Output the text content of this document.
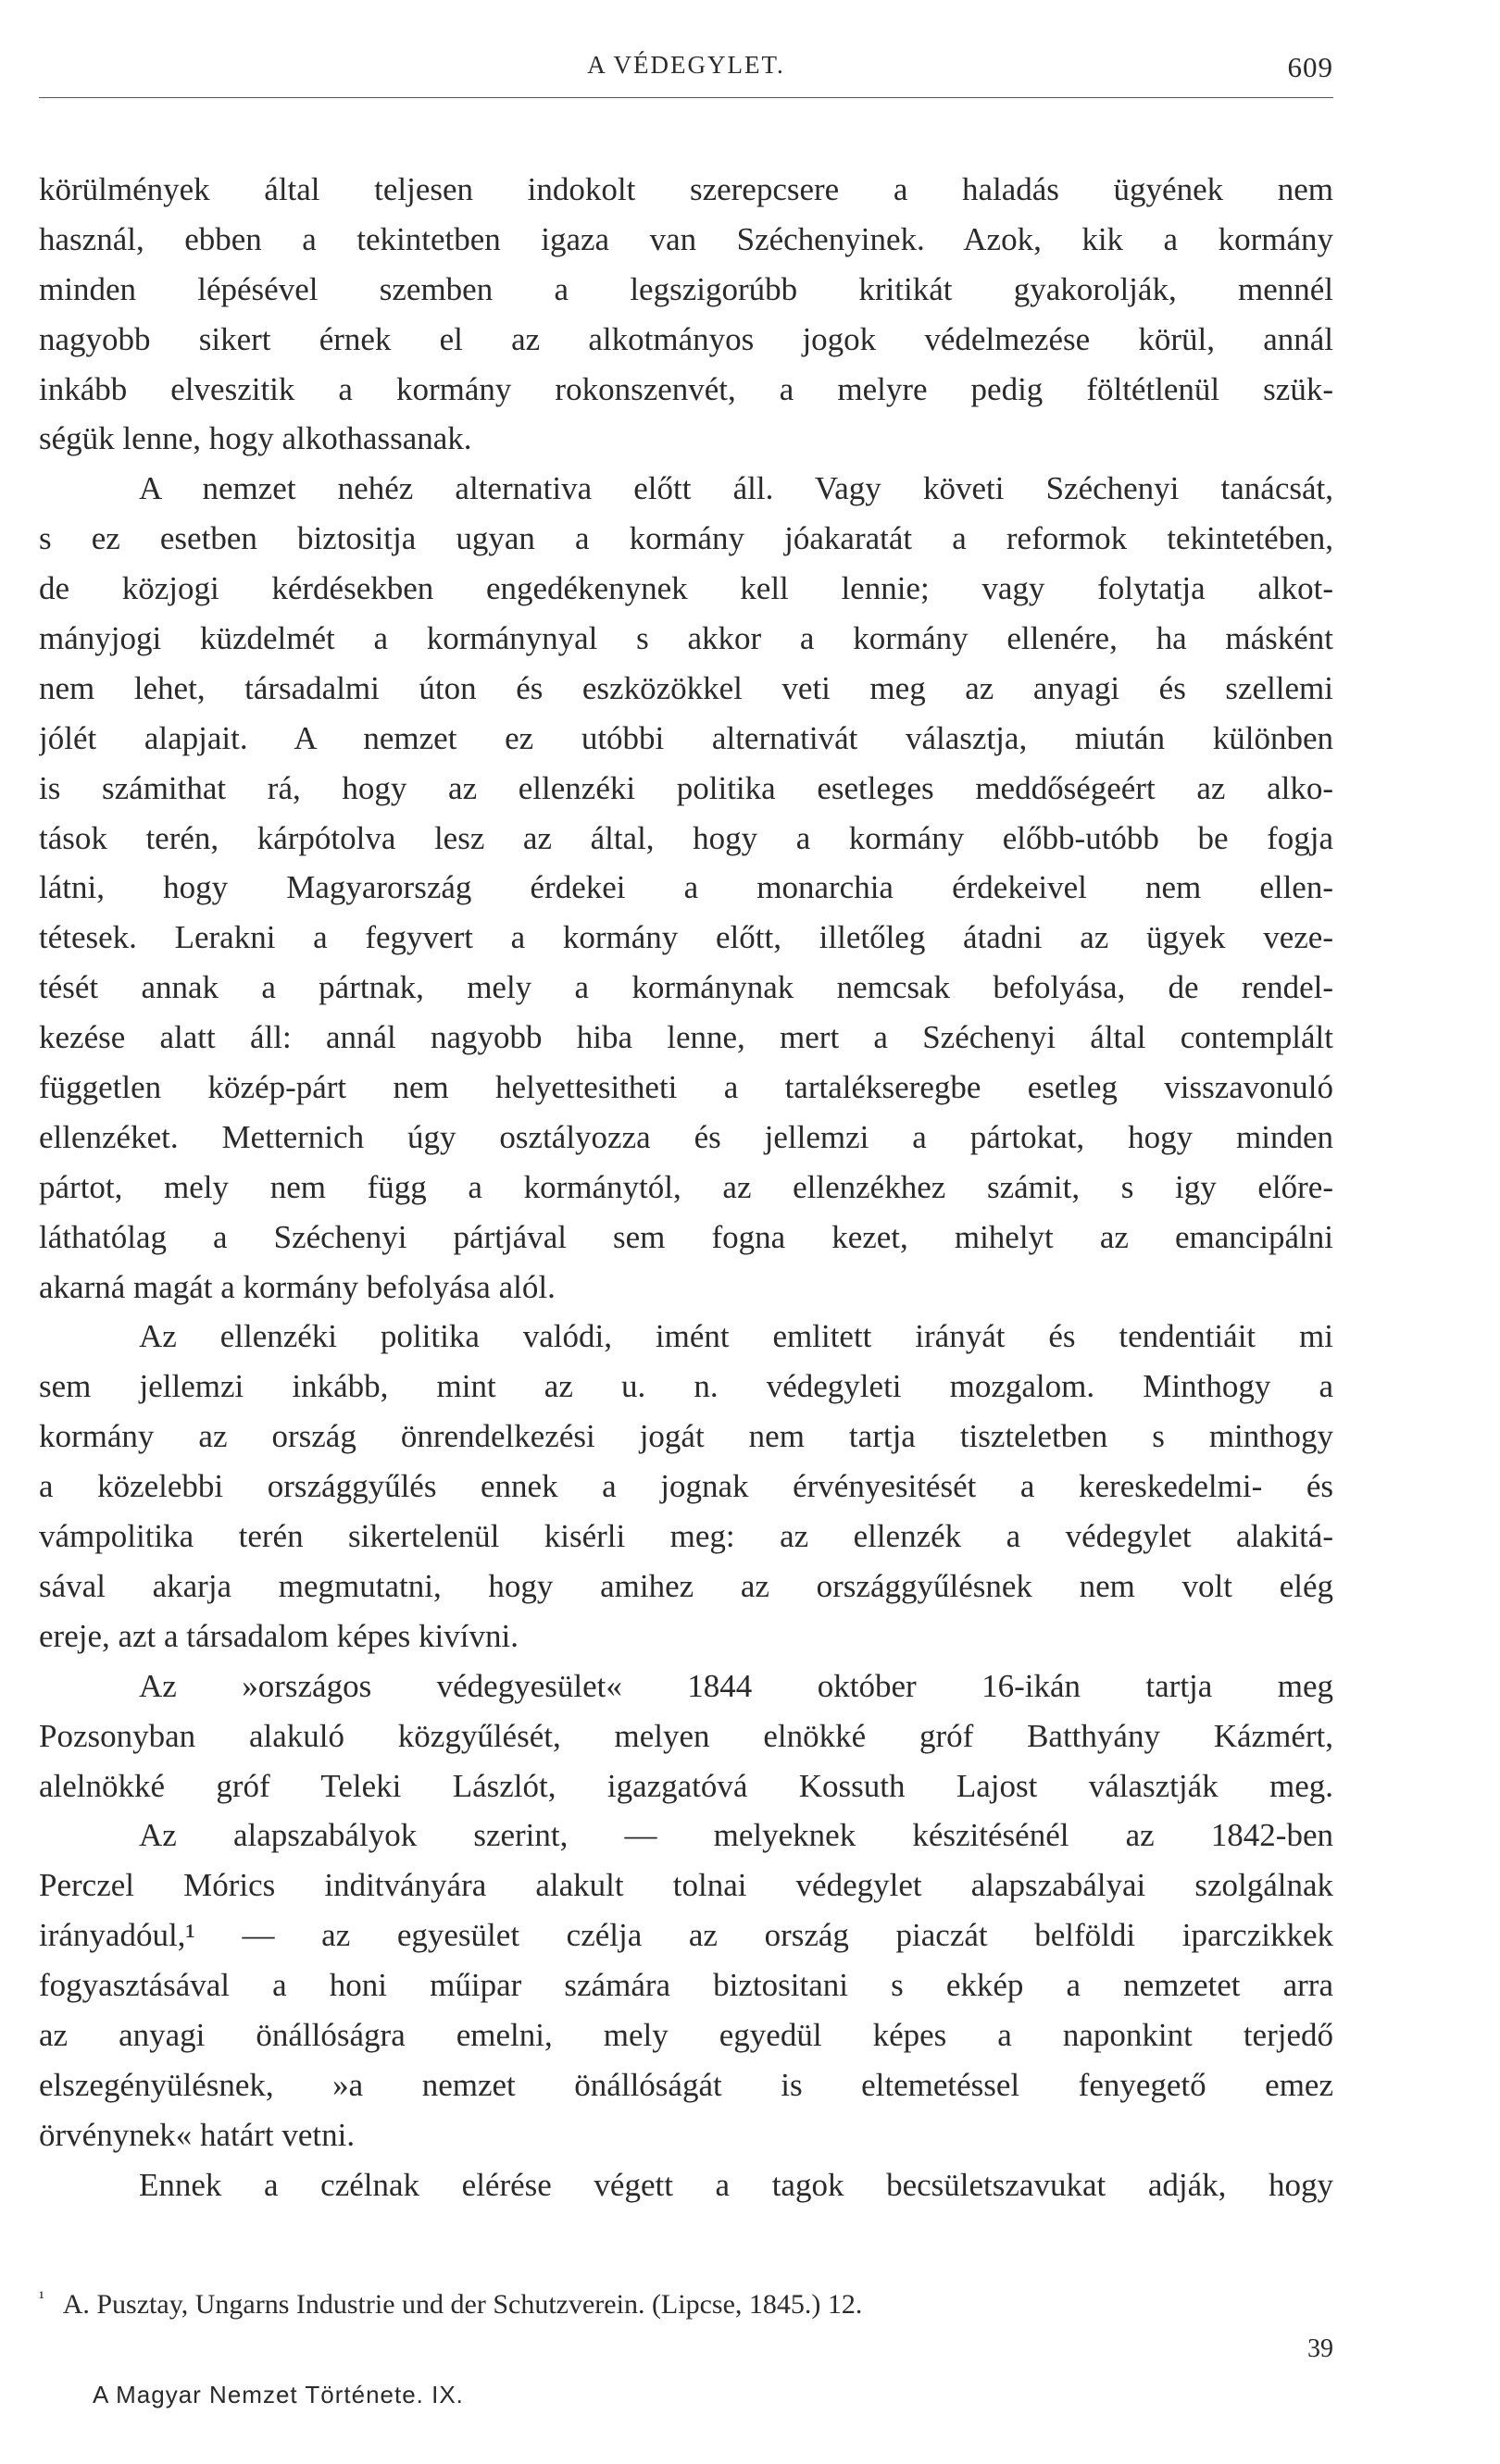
A VÉDEGYLET.	609
körülmények által teljesen indokolt szerepcsere a haladás ügyének nem
használ, ebben a tekintetben igaza van Széchenyinek. Azok, kik a kormány
minden lépésével szemben a legszigorúbb kritikát gyakorolják, mennél
nagyobb sikert érnek el az alkotmányos jogok védelmezése körül, annál
inkább elveszitik a kormány rokonszenvét, a melyre pedig föltétlenül szük-
ségük lenne, hogy alkothassanak.
A nemzet nehéz alternativa előtt áll. Vagy követi Széchenyi tanácsát,
s ez esetben biztositja ugyan a kormány jóakaratát a reformok tekintetében,
de közjogi kérdésekben engedékenynek kell lennie; vagy folytatja alkot-
mányjogi küzdelmét a kormánynyal s akkor a kormány ellenére, ha másként
nem lehet, társadalmi úton és eszközökkel veti meg az anyagi és szellemi
jólét alapjait. A nemzet ez utóbbi alternativát választja, miután különben
is számithat rá, hogy az ellenzéki politika esetleges meddőségeért az alko-
tások terén, kárpótolva lesz az által, hogy a kormány előbb-utóbb be fogja
látni, hogy Magyarország érdekei a monarchia érdekeivel nem ellen-
tétesek. Lerakni a fegyvert a kormány előtt, illetőleg átadni az ügyek veze-
tését annak a pártnak, mely a kormánynak nemcsak befolyása, de rendel-
kezése alatt áll: annál nagyobb hiba lenne, mert a Széchenyi által contemplált
független közép-párt nem helyettesitheti a tartalékseregbe esetleg visszavonuló
ellenzéket. Metternich úgy osztályozza és jellemzi a pártokat, hogy minden
pártot, mely nem függ a kormánytól, az ellenzékhez számit, s igy előre-
láthatólag a Széchenyi pártjával sem fogna kezet, mihelyt az emancipálni
akarná magát a kormány befolyása alól.
Az ellenzéki politika valódi, imént emlitett irányát és tendentiáit mi
sem jellemzi inkább, mint az u. n. védegyleti mozgalom. Minthogy a
kormány az ország önrendelkezési jogát nem tartja tiszteletben s minthogy
a közelebbi országgyűlés ennek a jognak érvényesitését a kereskedelmi- és
vámpolitika terén sikertelenül kisérli meg: az ellenzék a védegylet alakitá-
sával akarja megmutatni, hogy amihez az országgyűlésnek nem volt elég
ereje, azt a társadalom képes kivívni.
Az »országos védegyesület« 1844 október 16-ikán tartja meg
Pozsonyban alakuló közgyűlését, melyen elnökké gróf Batthyány Kázmért,
alelnökké gróf Teleki Lászlót, igazgatóvá Kossuth Lajost választják meg.
Az alapszabályok szerint, — melyeknek készitésénél az 1842-ben
Perczel Mórics inditványára alakult tolnai védegylet alapszabályai szolgálnak
irányadóul,¹ — az egyesület czélja az ország piaczát belföldi iparczikkek
fogyasztásával a honi műipar számára biztositani s ekkép a nemzetet arra
az anyagi önállóságra emelni, mely egyedül képes a naponkint terjedő
elszegényülésnek, »a nemzet önállóságát is eltemetéssel fenyegető emez
örvénynek« határt vetni.
Ennek a czélnak elérése végett a tagok becsületszavukat adják, hogy
$^{^1}$ A. Pusztay, Ungarns Industrie und der Schutzverein. (Lipcse, 1845.) 12.
39
A Magyar Nemzet Története. IX.
